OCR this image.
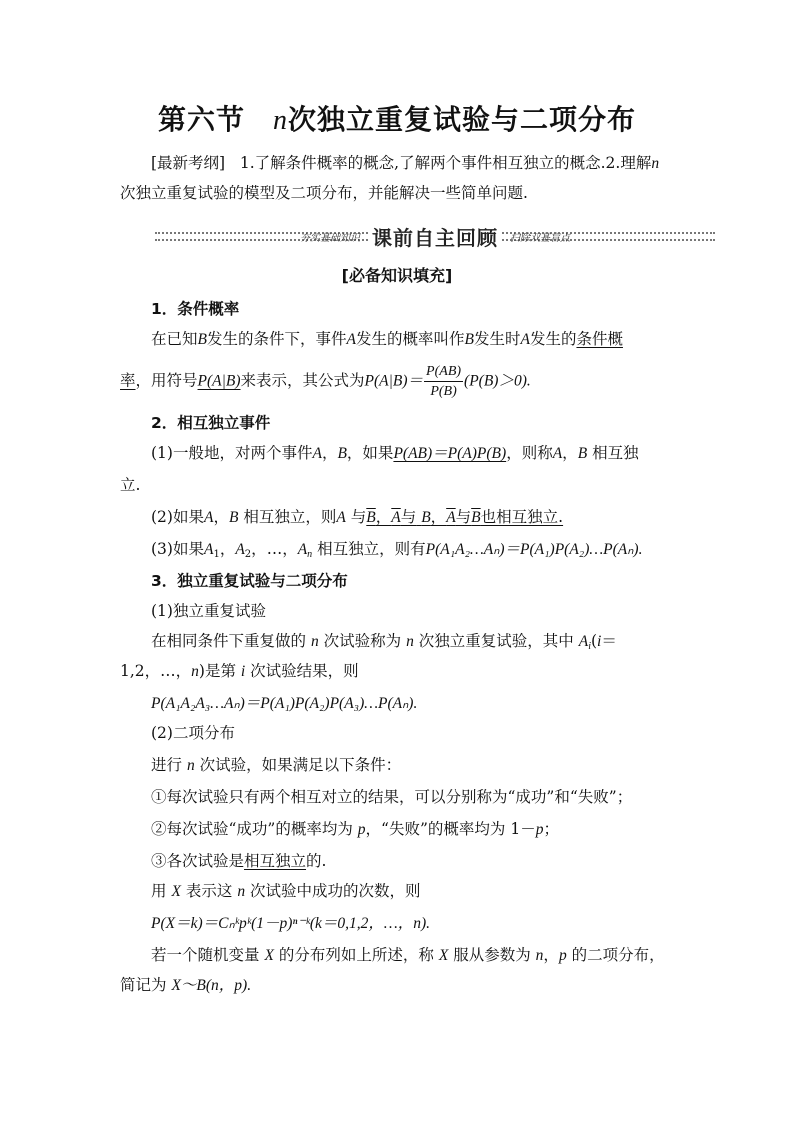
第六节 n次独立重复试验与二项分布
[最新考纲] 1.了解条件概率的概念,了解两个事件相互独立的概念.2.理解n
次独立重复试验的模型及二项分布，并能解决一些简单问题.
夯实基础知识 课前自主回顾 扫除双基盲点
[必备知识填充]
1．条件概率
在已知B发生的条件下，事件A发生的概率叫作B发生时A发生的条件概
率，用符号P(A|B)来表示，其公式为$P(A|B)= \frac{P(AB)}{P(B)} (P(B)>0)$.
2．相互独立事件
(1)一般地，对两个事件A，B，如果P(AB)＝P(A)P(B)，则称A，B 相互独
立.
(2)如果A，B 相互独立，则A 与B，A与 B，A与B也相互独立.
(3)如果$A_1$，$A_2$，…，$A_n$ 相互独立，则有P(A₁A₂…Aₙ)＝P(A₁)P(A₂)…P(Aₙ).
3．独立重复试验与二项分布
(1)独立重复试验
在相同条件下重复做的 n 次试验称为 n 次独立重复试验，其中 $A_i(i=$
1,2，…，n)是第 i 次试验结果，则
P(A₁A₂A₃…Aₙ)＝P(A₁)P(A₂)P(A₃)…P(Aₙ).
(2)二项分布
进行 n 次试验，如果满足以下条件：
①每次试验只有两个相互对立的结果，可以分别称为“成功”和“失败”；
②每次试验“成功”的概率均为 p，“失败”的概率均为 1－p；
③各次试验是相互独立的.
用 X 表示这 n 次试验中成功的次数，则
P(X＝k)＝Cₙᵏpᵏ(1－p)ⁿ⁻ᵏ(k＝0,1,2，…，n).
若一个随机变量 X 的分布列如上所述，称 X 服从参数为 n，p 的二项分布，
简记为 X～B(n，p).
